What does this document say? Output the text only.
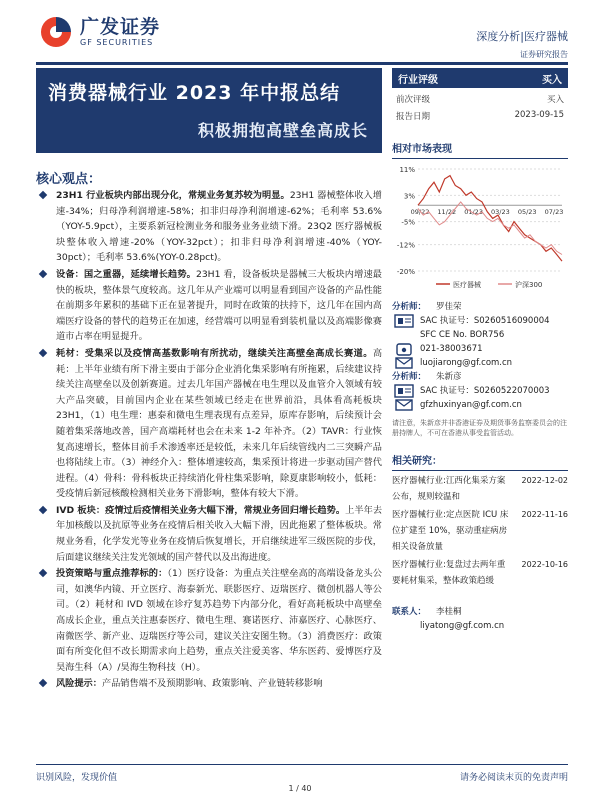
广发证券
GF SECURITIES	深度分析|医疗器械
证券研究报告
消费器械行业 2023 年中报总结
积极拥抱高壁垒高成长
核心观点：
23H1 行业板块内部出现分化，常规业务复苏较为明显。23H1 器械整体收入增速-34%；归母净利润增速-58%；扣非归母净利润增速-62%；毛利率 53.6%（YOY-5.9pct），主要系新冠检测业务和服务业务业绩下滑。23Q2 医疗器械板块整体收入增速-20%（YOY-32pct）；扣非归母净利润增速-40%（YOY-30pct）；毛利率 53.6%(YOY-0.28pct)。
设备：国之重器，延续增长趋势。23H1 看，设备板块是器械三大板块内增速最快的板块，整体景气度较高。这几年从产业端可以明显看到国产设备的产品性能在前期多年累积的基础下正在显著提升，同时在政策的扶持下，这几年在国内高端医疗设备的替代的趋势正在加速，经营端可以明显看到装机量以及高端影像赛道市占率在明显提升。
耗材：受集采以及疫情高基数影响有所扰动，继续关注高壁垒高成长赛道。高耗：上半年业绩有所下滑主要由于部分企业消化集采影响有所拖累，后续建议持续关注高壁垒以及创新赛道。过去几年国产器械在电生理以及血管介入领域有较大产品突破，目前国内企业在某些领域已经走在世界前沿，具体看高耗板块 23H1，（1）电生理：惠泰和微电生理表现有点差异，原库存影响，后续预计会随着集采落地改善，国产高端耗材也会在未来 1-2 年补齐。（2）TAVR：行业恢复高速增长，整体目前手术渗透率还是较低，未来几年后续管线内二三突瞬产品也将陆续上市。（3）神经介入：整体增速较高，集采预计将进一步驱动国产替代进程。（4）骨科：骨科板块正持续消化骨柱集采影响，除夏康影响较小，低耗：受疫情后新冠核酸检测相关业务下滑影响，整体有较大下滑。
IVD 板块：疫情过后疫情相关业务大幅下滑，常规业务回归增长趋势。上半年去年加核酸以及抗原等业务在疫情后相关收入大幅下滑，因此拖累了整体板块。常规业务看，化学发光等业务在疫情后恢复增长，开启继续进军三级医院的步伐，后面建议继续关注发光领域的国产替代以及出海进度。
投资策略与重点推荐标的：（1）医疗设备：为重点关注壁垒高的高端设备龙头公司，如澳华内镜、开立医疗、海泰新光、联影医疗、迈瑞医疗、微创机器人等公司。（2）耗材和 IVD 领域在诊疗复苏趋势下内部分化，看好高耗板块中高壁垒高成长企业，重点关注惠泰医疗、微电生理、赛诺医疗、沛嘉医疗、心脉医疗、南微医学、新产业、迈瑞医疗等公司，建议关注安图生物。（3）消费医疗：政策面有所变化但不改长期需求向上趋势，重点关注爱美客、华东医药、爱博医疗及昊海生科（A）/昊海生物科技（H）。
风险提示：产品销售端不及预期影响、政策影响、产业链转移影响
行业评级	买入
前次评级	买入
报告日期	2023-09-15
相对市场表现
11%
3%
-5%
-12%
-20%
09/22 11/22 01/23 03/23 05/23 07/23
医疗器械	沪深300
分析师：	罗佳荣
SAC 执证号：S0260516090004
SFC CE No. BOR756
021-38003671
luojiarong@gf.com.cn
分析师：	朱新彦
SAC 执证号：S0260522070003
gfzhuxinyan@gf.com.cn
请注意，朱新彦并非香港证券及期货事务监察委员会的注册持牌人，不可在香港从事受监管活动。
相关研究：
医疗器械行业:江西化集采方案公布，规则较温和
2022-12-02
医疗器械行业:定点医院 ICU 床位扩建至 10%，驱动重症病房相关设备放量
2022-11-16
医疗器械行业:复盘过去两年重要耗材集采，整体政策趋缓
2022-10-16
联系人：	李桂桐
liyatong@gf.com.cn
识别风险，发现价值	请务必阅读末页的免责声明
1 / 40
